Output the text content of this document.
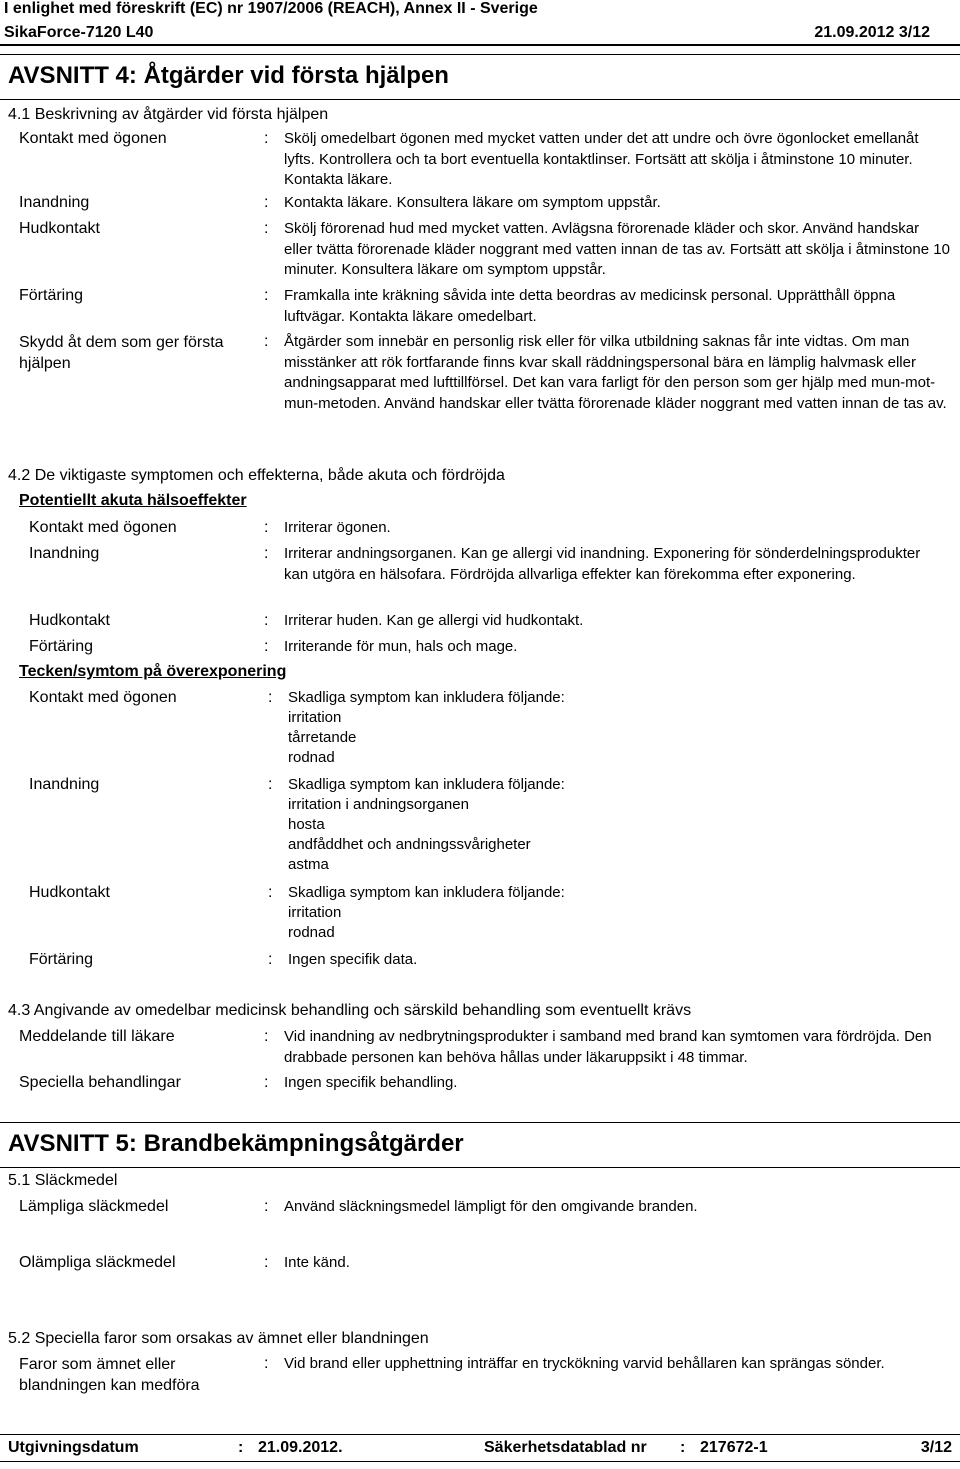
I enlighet med föreskrift (EC) nr 1907/2006 (REACH), Annex II - Sverige
SikaForce-7120 L40	21.09.2012 3/12
AVSNITT 4: Åtgärder vid första hjälpen
4.1 Beskrivning av åtgärder vid första hjälpen
Kontakt med ögonen	: Skölj omedelbart ögonen med mycket vatten under det att undre och övre ögonlocket emellanåt lyfts. Kontrollera och ta bort eventuella kontaktlinser. Fortsätt att skölja i åtminstone 10 minuter. Kontakta läkare.
Inandning	: Kontakta läkare. Konsultera läkare om symptom uppstår.
Hudkontakt	: Skölj förorenad hud med mycket vatten. Avlägsna förorenade kläder och skor. Använd handskar eller tvätta förorenade kläder noggrant med vatten innan de tas av. Fortsätt att skölja i åtminstone 10 minuter. Konsultera läkare om symptom uppstår.
Förtäring	: Framkalla inte kräkning såvida inte detta beordras av medicinsk personal. Upprätthåll öppna luftvägar. Kontakta läkare omedelbart.
Skydd åt dem som ger första hjälpen
: Åtgärder som innebär en personlig risk eller för vilka utbildning saknas får inte vidtas. Om man misstänker att rök fortfarande finns kvar skall räddningspersonal bära en lämplig halvmask eller andningsapparat med lufttillförsel. Det kan vara farligt för den person som ger hjälp med mun-mot-mun-metoden. Använd handskar eller tvätta förorenade kläder noggrant med vatten innan de tas av.
4.2 De viktigaste symptomen och effekterna, både akuta och fördröjda
Potentiellt akuta hälsoeffekter
Kontakt med ögonen	: Irriterar ögonen.
Inandning	: Irriterar andningsorganen. Kan ge allergi vid inandning. Exponering för sönderdelningsprodukter kan utgöra en hälsofara. Fördröjda allvarliga effekter kan förekomma efter exponering.
Hudkontakt	: Irriterar huden. Kan ge allergi vid hudkontakt.
Förtäring	: Irriterande för mun, hals och mage.
Tecken/symtom på överexponering
Kontakt med ögonen	: Skadliga symptom kan inkludera följande:
irritation
tårretande
rodnad
Inandning	: Skadliga symptom kan inkludera följande:
irritation i andningsorganen
hosta
andfåddhet och andningssvårigheter
astma
Hudkontakt	: Skadliga symptom kan inkludera följande:
irritation
rodnad
Förtäring	: Ingen specifik data.
4.3 Angivande av omedelbar medicinsk behandling och särskild behandling som eventuellt krävs
Meddelande till läkare	: Vid inandning av nedbrytningsprodukter i samband med brand kan symtomen vara fördröjda. Den drabbade personen kan behöva hållas under läkaruppsikt i 48 timmar.
Speciella behandlingar	: Ingen specifik behandling.
AVSNITT 5: Brandbekämpningsåtgärder
5.1 Släckmedel
Lämpliga släckmedel	: Använd släckningsmedel lämpligt för den omgivande branden.
Olämpliga släckmedel	: Inte känd.
5.2 Speciella faror som orsakas av ämnet eller blandningen
Faror som ämnet eller blandningen kan medföra
: Vid brand eller upphettning inträffar en tryckökning varvid behållaren kan sprängas sönder.
Utgivningsdatum	: 21.09.2012.	Säkerhetsdatablad nr : 217672-1	3/12
